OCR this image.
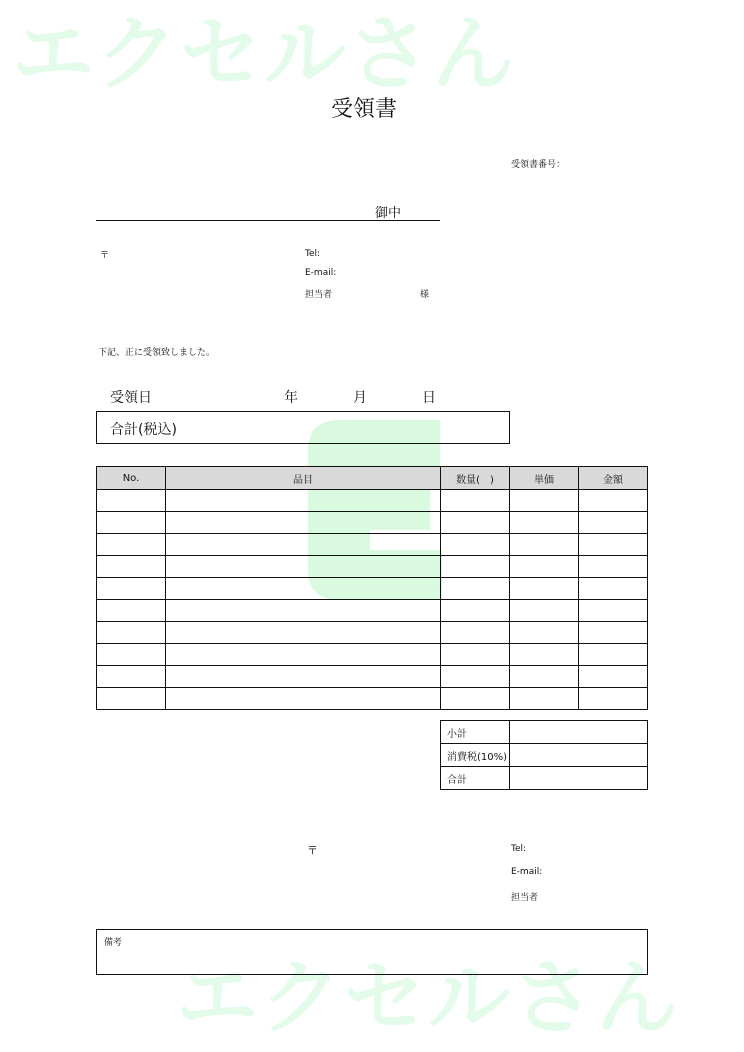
エクセルさん
エクセルさん
受領書
受領書番号：
御中
〒	Tel:
E-mail:
担当者	様
下記、正に受領致しました。
受領日	年	月	日
合計(税込)
No.	品目	数量(　)	単価	金額

小計	
消費税(10%)	
合計	
〒	Tel:
E-mail:
担当者
備考
